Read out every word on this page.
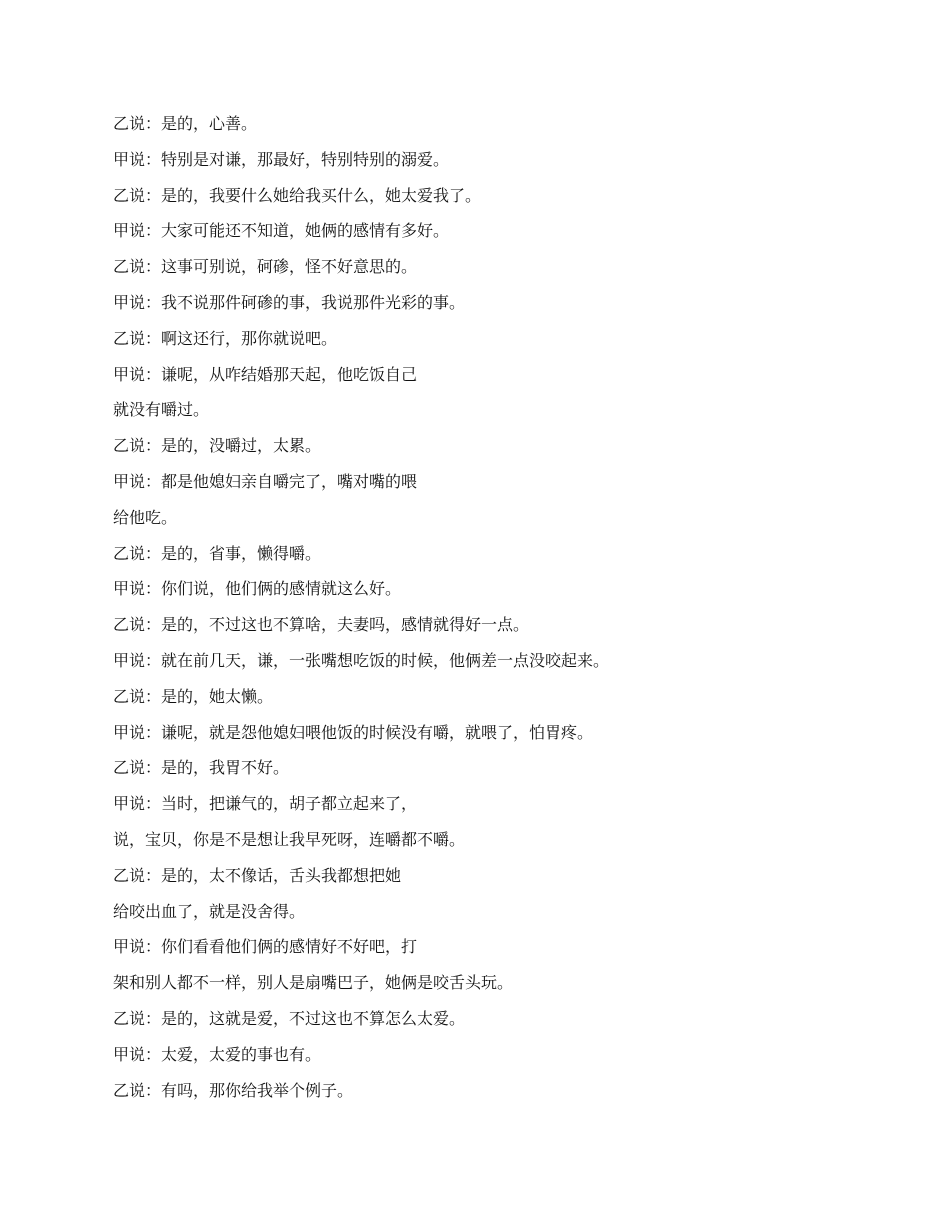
乙说：是的，心善。
甲说：特别是对谦，那最好，特别特别的溺爱。
乙说：是的，我要什么她给我买什么，她太爱我了。
甲说：大家可能还不知道，她俩的感情有多好。
乙说：这事可别说，砢碜，怪不好意思的。
甲说：我不说那件砢碜的事，我说那件光彩的事。
乙说：啊这还行，那你就说吧。
甲说：谦呢，从咋结婚那天起，他吃饭自己
就没有嚼过。
乙说：是的，没嚼过，太累。
甲说：都是他媳妇亲自嚼完了，嘴对嘴的喂
给他吃。
乙说：是的，省事，懒得嚼。
甲说：你们说，他们俩的感情就这么好。
乙说：是的，不过这也不算啥，夫妻吗，感情就得好一点。
甲说：就在前几天，谦，一张嘴想吃饭的时候，他俩差一点没咬起来。
乙说：是的，她太懒。
甲说：谦呢，就是怨他媳妇喂他饭的时候没有嚼，就喂了，怕胃疼。
乙说：是的，我胃不好。
甲说：当时，把谦气的，胡子都立起来了，
说，宝贝，你是不是想让我早死呀，连嚼都不嚼。
乙说：是的，太不像话，舌头我都想把她
给咬出血了，就是没舍得。
甲说：你们看看他们俩的感情好不好吧，打
架和别人都不一样，别人是扇嘴巴子，她俩是咬舌头玩。
乙说：是的，这就是爱，不过这也不算怎么太爱。
甲说：太爱，太爱的事也有。
乙说：有吗，那你给我举个例子。
